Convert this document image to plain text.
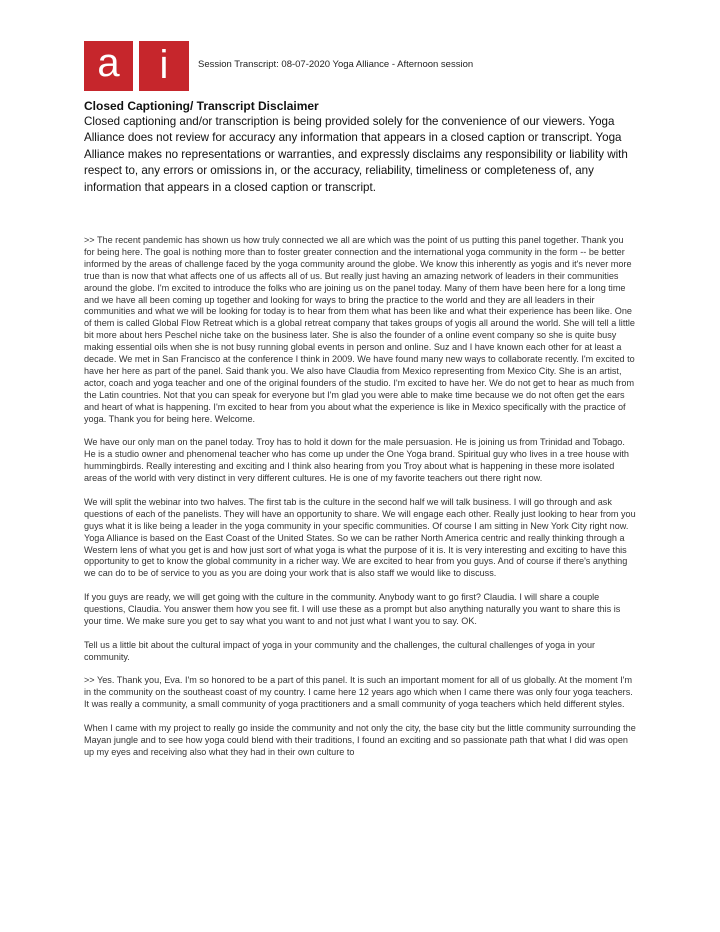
a i	Session Transcript: 08-07-2020 Yoga Alliance - Afternoon session

Closed Captioning/ Transcript Disclaimer

Closed captioning and/or transcription is being provided solely for the convenience of our viewers. Yoga Alliance does not review for accuracy any information that appears in a closed caption or transcript. Yoga Alliance makes no representations or warranties, and expressly disclaims any responsibility or liability with respect to, any errors or omissions in, or the accuracy, reliability, timeliness or completeness of, any information that appears in a closed caption or transcript.

>> The recent pandemic has shown us how truly connected we all are which was the point of us putting this panel together. Thank you for being here. The goal is nothing more than to foster greater connection and the international yoga community in the form -- be better informed by the areas of challenge faced by the yoga community around the globe. We know this inherently as yogis and it's never more true than is now that what affects one of us affects all of us. But really just having an amazing network of leaders in their communities around the globe. I'm excited to introduce the folks who are joining us on the panel today. Many of them have been here for a long time and we have all been coming up together and looking for ways to bring the practice to the world and they are all leaders in their communities and what we will be looking for today is to hear from them what has been like and what their experience has been like. One of them is called Global Flow Retreat which is a global retreat company that takes groups of yogis all around the world. She will tell a little bit more about hers Peschel niche take on the business later. She is also the founder of a online event company so she is quite busy making essential oils when she is not busy running global events in person and online. Suz and I have known each other for at least a decade. We met in San Francisco at the conference I think in 2009. We have found many new ways to collaborate recently. I'm excited to have her here as part of the panel. Said thank you. We also have Claudia from Mexico representing from Mexico City. She is an artist, actor, coach and yoga teacher and one of the original founders of the studio. I'm excited to have her. We do not get to hear as much from the Latin countries. Not that you can speak for everyone but I'm glad you were able to make time because we do not often get the ears and heart of what is happening. I'm excited to hear from you about what the experience is like in Mexico specifically with the practice of yoga. Thank you for being here. Welcome.

We have our only man on the panel today. Troy has to hold it down for the male persuasion. He is joining us from Trinidad and Tobago. He is a studio owner and phenomenal teacher who has come up under the One Yoga brand. Spiritual guy who lives in a tree house with hummingbirds. Really interesting and exciting and I think also hearing from you Troy about what is happening in these more isolated areas of the world with very distinct in very different cultures. He is one of my favorite teachers out there right now.

We will split the webinar into two halves. The first tab is the culture in the second half we will talk business. I will go through and ask questions of each of the panelists. They will have an opportunity to share. We will engage each other. Really just looking to hear from you guys what it is like being a leader in the yoga community in your specific communities. Of course I am sitting in New York City right now. Yoga Alliance is based on the East Coast of the United States. So we can be rather North America centric and really thinking through a Western lens of what you get is and how just sort of what yoga is what the purpose of it is. It is very interesting and exciting to have this opportunity to get to know the global community in a richer way. We are excited to hear from you guys. And of course if there's anything we can do to be of service to you as you are doing your work that is also staff we would like to discuss.

If you guys are ready, we will get going with the culture in the community. Anybody want to go first? Claudia. I will share a couple questions, Claudia. You answer them how you see fit. I will use these as a prompt but also anything naturally you want to share this is your time. We make sure you get to say what you want to and not just what I want you to say. OK.

Tell us a little bit about the cultural impact of yoga in your community and the challenges, the cultural challenges of yoga in your community.

>> Yes. Thank you, Eva. I'm so honored to be a part of this panel. It is such an important moment for all of us globally. At the moment I'm in the community on the southeast coast of my country. I came here 12 years ago which when I came there was only four yoga teachers. It was really a community, a small community of yoga practitioners and a small community of yoga teachers which held different styles.

When I came with my project to really go inside the community and not only the city, the base city but the little community surrounding the Mayan jungle and to see how yoga could blend with their traditions, I found an exciting and so passionate path that what I did was open up my eyes and receiving also what they had in their own culture to
